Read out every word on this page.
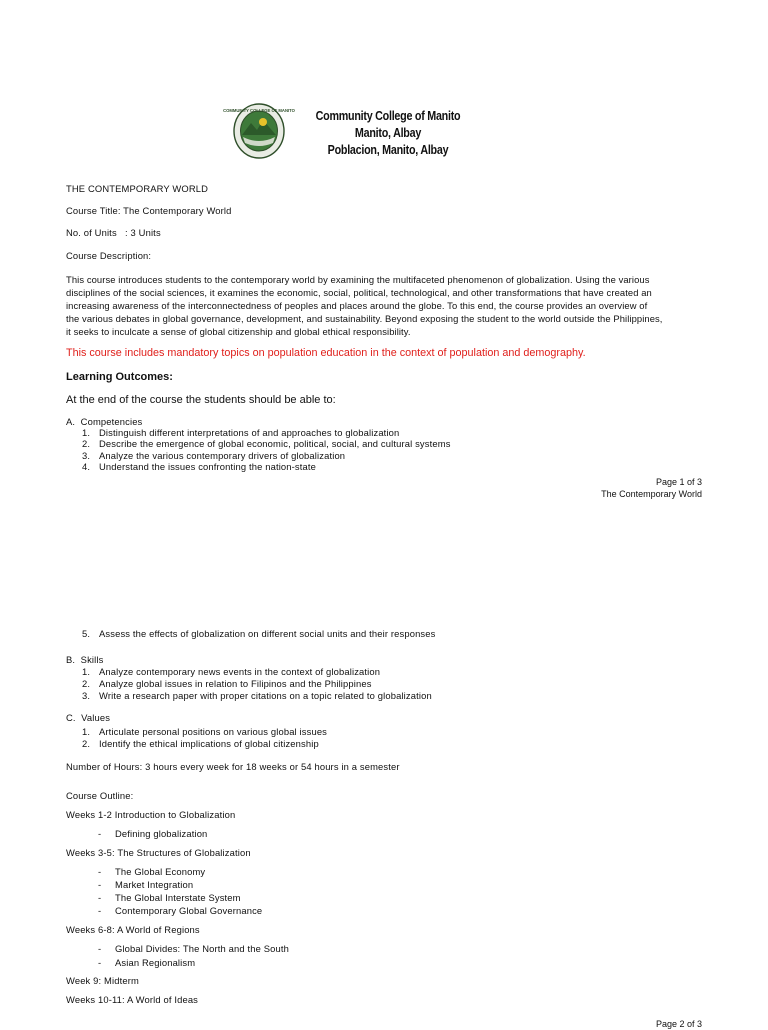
COMMUNITY COLLEGE OF MANITO	Community College of Manito
Manito, Albay
Poblacion, Manito, Albay
THE CONTEMPORARY WORLD
Course Title: The Contemporary World
No. of Units   : 3 Units
Course Description:
This course introduces students to the contemporary world by examining the multifaceted phenomenon of globalization. Using the various
disciplines of the social sciences, it examines the economic, social, political, technological, and other transformations that have created an
increasing awareness of the interconnectedness of peoples and places around the globe. To this end, the course provides an overview of
the various debates in global governance, development, and sustainability. Beyond exposing the student to the world outside the Philippines,
it seeks to inculcate a sense of global citizenship and global ethical responsibility.
This course includes mandatory topics on population education in the context of population and demography.
Learning Outcomes:
At the end of the course the students should be able to:
A.  Competencies
1. Distinguish different interpretations of and approaches to globalization
2. Describe the emergence of global economic, political, social, and cultural systems
3. Analyze the various contemporary drivers of globalization
4. Understand the issues confronting the nation-state
Page 1 of 3
The Contemporary World
5. Assess the effects of globalization on different social units and their responses
B.  Skills
1. Analyze contemporary news events in the context of globalization
2. Analyze global issues in relation to Filipinos and the Philippines
3. Write a research paper with proper citations on a topic related to globalization
C.  Values
1. Articulate personal positions on various global issues
2. Identify the ethical implications of global citizenship
Number of Hours: 3 hours every week for 18 weeks or 54 hours in a semester
Course Outline:
Weeks 1-2 Introduction to Globalization
- Defining globalization
Weeks 3-5: The Structures of Globalization
- The Global Economy
- Market Integration
- The Global Interstate System
- Contemporary Global Governance
Weeks 6-8: A World of Regions
- Global Divides: The North and the South
- Asian Regionalism
Week 9: Midterm
Weeks 10-11: A World of Ideas
Page 2 of 3
